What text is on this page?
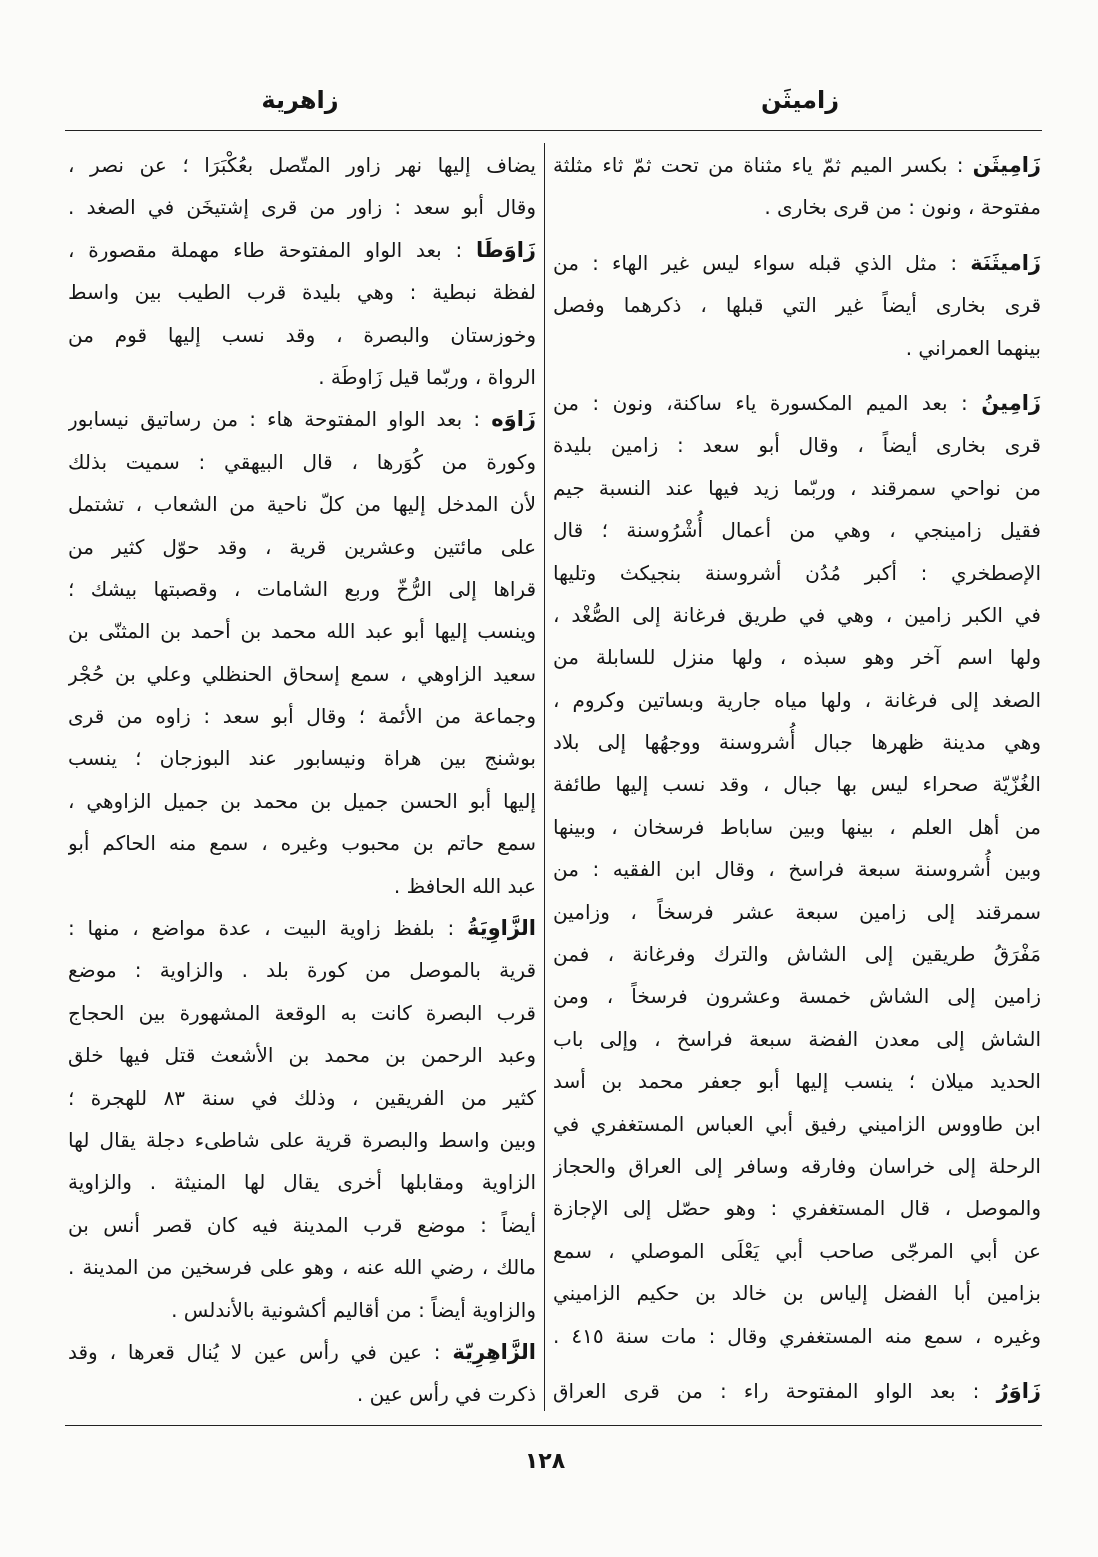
زاميثَن
زاهرية
زَامِيثَن : بكسر الميم ثمّ ياء مثناة من تحت ثمّ ثاء مثلثة
مفتوحة ، ونون : من قرى بخارى .
زَاميثَنَة : مثل الذي قبله سواء ليس غير الهاء : من
قرى بخارى أيضاً غير التي قبلها ، ذكرهما وفصل
بينهما العمراني .
زَامِينُ : بعد الميم المكسورة ياء ساكنة، ونون : من
قرى بخارى أيضاً ، وقال أبو سعد : زامين بليدة
من نواحي سمرقند ، وربّما زيد فيها عند النسبة جيم
فقيل زامينجي ، وهي من أعمال أُشْرُوسنة ؛ قال
الإصطخري : أكبر مُدُن أشروسنة بنجيكث وتليها
في الكبر زامين ، وهي في طريق فرغانة إلى الصُّغْد ،
ولها اسم آخر وهو سبذه ، ولها منزل للسابلة من
الصغد إلى فرغانة ، ولها مياه جارية وبساتين وكروم ،
وهي مدينة ظهرها جبال أُشروسنة ووجهُها إلى بلاد
الغُزّيّة صحراء ليس بها جبال ، وقد نسب إليها طائفة
من أهل العلم ، بينها وبين ساباط فرسخان ، وبينها
وبين أُشروسنة سبعة فراسخ ، وقال ابن الفقيه : من
سمرقند إلى زامين سبعة عشر فرسخاً ، وزامين
مَفْرَقُ طريقين إلى الشاش والترك وفرغانة ، فمن
زامين إلى الشاش خمسة وعشرون فرسخاً ، ومن
الشاش إلى معدن الفضة سبعة فراسخ ، وإلى باب
الحديد ميلان ؛ ينسب إليها أبو جعفر محمد بن أسد
ابن طاووس الزاميني رفيق أبي العباس المستغفري في
الرحلة إلى خراسان وفارقه وسافر إلى العراق والحجاز
والموصل ، قال المستغفري : وهو حصّل إلى الإجازة
عن أبي المرجّى صاحب أبي يَعْلَى الموصلي ، سمع
بزامين أبا الفضل إلياس بن خالد بن حكيم الزاميني
وغيره ، سمع منه المستغفري وقال : مات سنة ٤١٥ .
زَاوَرُ : بعد الواو المفتوحة راء : من قرى العراق
يضاف إليها نهر زاور المتّصل بعُكْبَرَا ؛ عن نصر ،
وقال أبو سعد : زاور من قرى إشتيخَن في الصغد .
زَاوَطَا : بعد الواو المفتوحة طاء مهملة مقصورة ،
لفظة نبطية : وهي بليدة قرب الطيب بين واسط
وخوزستان والبصرة ، وقد نسب إليها قوم من
الرواة ، وربّما قيل زَاوطَة .
زَاوَه : بعد الواو المفتوحة هاء : من رساتيق نيسابور
وكورة من كُوَرها ، قال البيهقي : سميت بذلك
لأن المدخل إليها من كلّ ناحية من الشعاب ، تشتمل
على مائتين وعشرين قرية ، وقد حوّل كثير من
قراها إلى الرُّخّ وربع الشامات ، وقصبتها بيشك ؛
وينسب إليها أبو عبد الله محمد بن أحمد بن المثنّى بن
سعيد الزاوهي ، سمع إسحاق الحنظلي وعلي بن حُجْر
وجماعة من الأئمة ؛ وقال أبو سعد : زاوه من قرى
بوشنج بين هراة ونيسابور عند البوزجان ؛ ينسب
إليها أبو الحسن جميل بن محمد بن جميل الزاوهي ،
سمع حاتم بن محبوب وغيره ، سمع منه الحاكم أبو
عبد الله الحافظ .
الزَّاوِيَةُ : بلفظ زاوية البيت ، عدة مواضع ، منها :
قرية بالموصل من كورة بلد . والزاوية : موضع
قرب البصرة كانت به الوقعة المشهورة بين الحجاج
وعبد الرحمن بن محمد بن الأشعث قتل فيها خلق
كثير من الفريقين ، وذلك في سنة ٨٣ للهجرة ؛
وبين واسط والبصرة قرية على شاطىء دجلة يقال لها
الزاوية ومقابلها أخرى يقال لها المنيثة . والزاوية
أيضاً : موضع قرب المدينة فيه كان قصر أنس بن
مالك ، رضي الله عنه ، وهو على فرسخين من المدينة .
والزاوية أيضاً : من أقاليم أكشونية بالأندلس .
الزَّاهِرِيّة : عين في رأس عين لا يُنال قعرها ، وقد
ذكرت في رأس عين .
١٢٨
